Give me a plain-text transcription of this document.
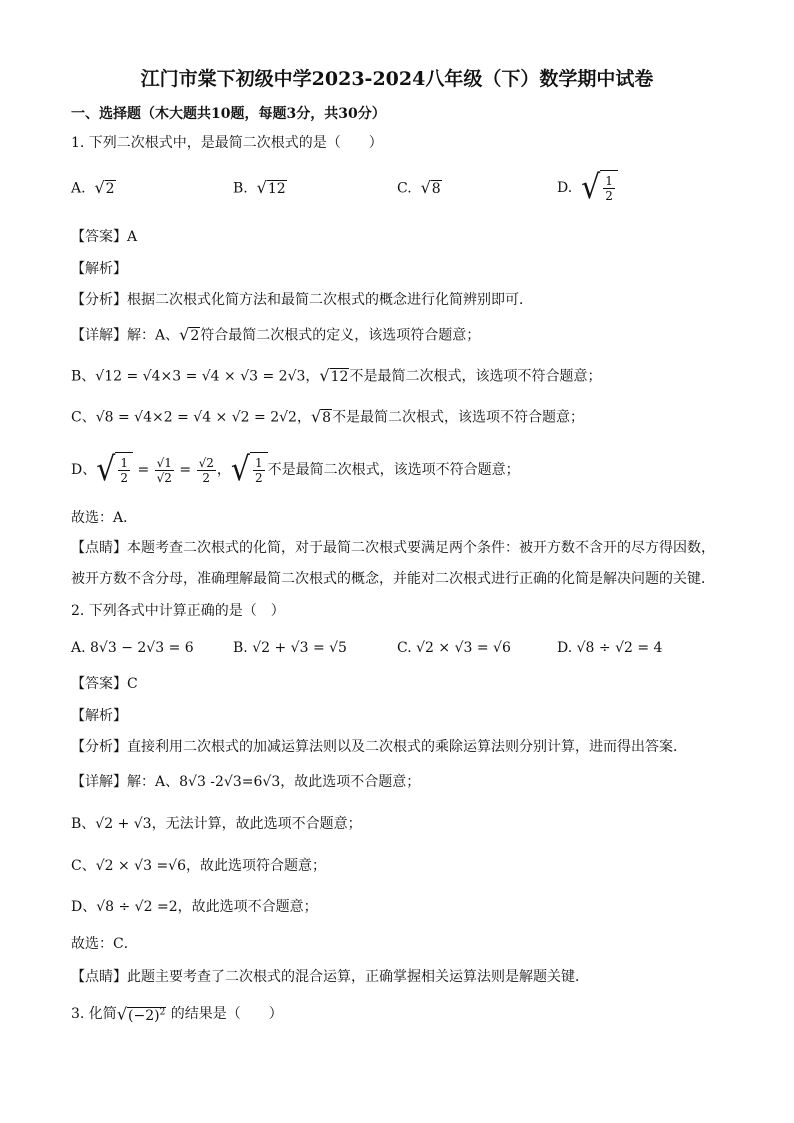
江门市棠下初级中学2023-2024八年级（下）数学期中试卷
一、选择题（木大题共10题，每题3分，共30分）
1. 下列二次根式中，是最简二次根式的是（　　）
A. √2	B. √12	C. √8	D. √ $\frac{1}{2}$
【答案】A
【解析】
【分析】根据二次根式化简方法和最简二次根式的概念进行化简辨别即可．
【详解】解：A、√2符合最简二次根式的定义，该选项符合题意；
B、√12 = √4×3 = √4 × √3 = 2√3，√12不是最简二次根式，该选项不符合题意；
C、√8 = √4×2 = √4 × √2 = 2√2，√8不是最简二次根式，该选项不符合题意；
D、 √ $\frac{1}{2} = \frac{√1}{√2} = \frac{√2}{2}$ ， √ $\frac{1}{2}$ 不是最简二次根式，该选项不符合题意；
故选：A．
【点睛】本题考查二次根式的化简，对于最简二次根式要满足两个条件：被开方数不含开的尽方得因数，
被开方数不含分母，准确理解最简二次根式的概念，并能对二次根式进行正确的化简是解决问题的关键．
2. 下列各式中计算正确的是（　）
A. 8√3 − 2√3 = 6	B. √2 + √3 = √5	C. √2 × √3 = √6	D. √8 ÷ √2 = 4
【答案】C
【解析】
【分析】直接利用二次根式的加减运算法则以及二次根式的乘除运算法则分别计算，进而得出答案．
【详解】解：A、8√3 -2√3=6√3，故此选项不合题意；
B、√2 + √3，无法计算，故此选项不合题意；
C、√2 × √3 =√6，故此选项符合题意；
D、√8 ÷ √2 =2，故此选项不合题意；
故选：C．
【点睛】此题主要考查了二次根式的混合运算，正确掌握相关运算法则是解题关键．
3. 化简$√(-2)^2$ 的结果是（　　）
